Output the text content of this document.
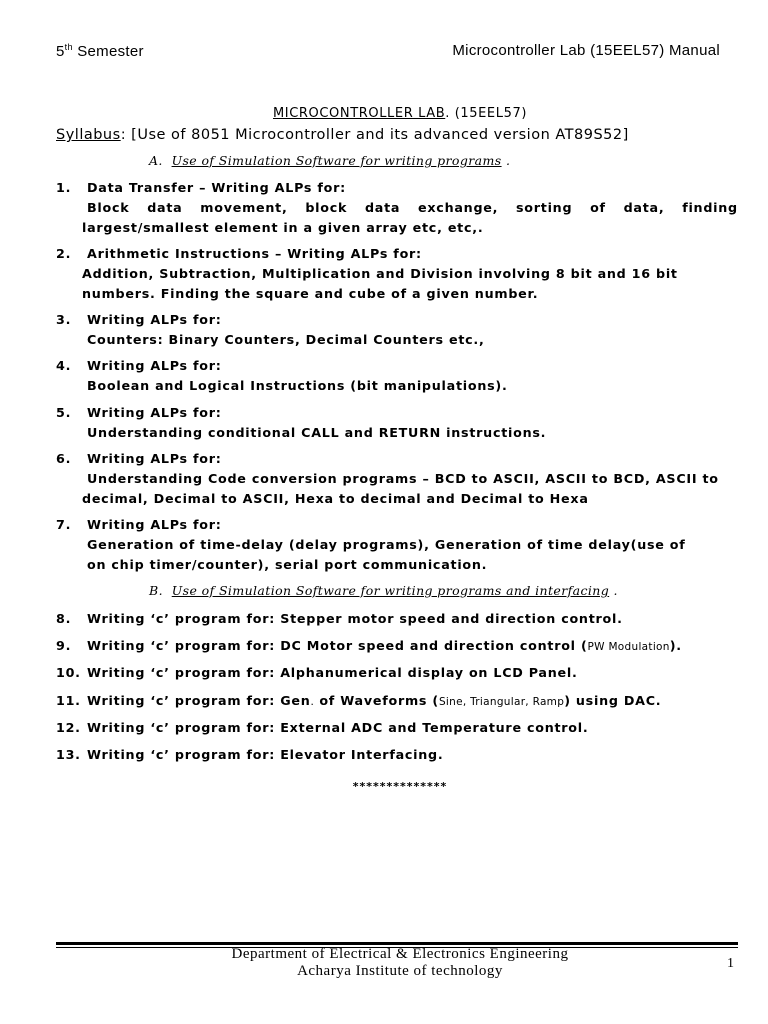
5th Semester	Microcontroller Lab (15EEL57) Manual
MICROCONTROLLER LAB. (15EEL57)
Syllabus: [Use of 8051 Microcontroller and its advanced version AT89S52]
A. Use of Simulation Software for writing programs .
1. Data Transfer – Writing ALPs for:
Block data movement, block data exchange, sorting of data, finding
largest/smallest element in a given array etc, etc,.
2. Arithmetic Instructions – Writing ALPs for:
Addition, Subtraction, Multiplication and Division involving 8 bit and 16 bit
numbers. Finding the square and cube of a given number.
3. Writing ALPs for:
Counters: Binary Counters, Decimal Counters etc.,
4. Writing ALPs for:
Boolean and Logical Instructions (bit manipulations).
5. Writing ALPs for:
Understanding conditional CALL and RETURN instructions.
6. Writing ALPs for:
Understanding Code conversion programs – BCD to ASCII, ASCII to BCD, ASCII to
decimal, Decimal to ASCII, Hexa to decimal and Decimal to Hexa
7. Writing ALPs for:
Generation of time-delay (delay programs), Generation of time delay(use of
on chip timer/counter), serial port communication.
B. Use of Simulation Software for writing programs and interfacing .
8. Writing ‘c’ program for: Stepper motor speed and direction control.
9. Writing ‘c’ program for: DC Motor speed and direction control (PW Modulation).
10. Writing ‘c’ program for: Alphanumerical display on LCD Panel.
11. Writing ‘c’ program for: Gen. of Waveforms (Sine, Triangular, Ramp) using DAC.
12. Writing ‘c’ program for: External ADC and Temperature control.
13. Writing ‘c’ program for: Elevator Interfacing.
**************
Department of Electrical & Electronics Engineering
Acharya Institute of technology	1
